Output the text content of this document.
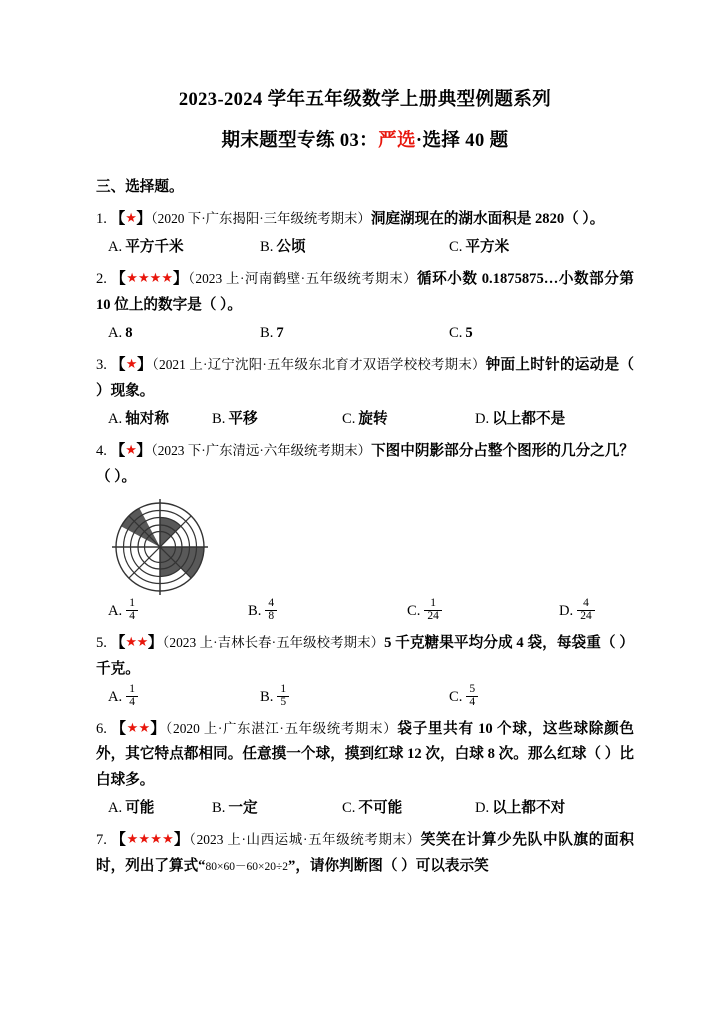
2023-2024 学年五年级数学上册典型例题系列
期末题型专练 03：严选·选择 40 题
三、选择题。
1. 【★】（2020 下·广东揭阳·三年级统考期末）洞庭湖现在的湖水面积是 2820（ ）。
A. 平方千米	B. 公顷	C. 平方米
2. 【★★★★】（2023 上·河南鹤壁·五年级统考期末）循环小数 0.1875875…小数部分第 10 位上的数字是（ ）。
A. 8	B. 7	C. 5
3. 【★】（2021 上·辽宁沈阳·五年级东北育才双语学校校考期末）钟面上时针的运动是（ ）现象。
A. 轴对称	B. 平移	C. 旋转	D. 以上都不是
4. 【★】（2023 下·广东清远·六年级统考期末）下图中阴影部分占整个图形的几分之几？（ ）。
A. $\frac{1}{4}$	B. $\frac{4}{8}$	C. $\frac{1}{24}$	D. $\frac{4}{24}$
5. 【★★】（2023 上·吉林长春·五年级校考期末）5 千克糖果平均分成 4 袋，每袋重（ ）千克。
A. $\frac{1}{4}$	B. $\frac{1}{5}$	C. $\frac{5}{4}$
6. 【★★】（2020 上·广东湛江·五年级统考期末）袋子里共有 10 个球，这些球除颜色外，其它特点都相同。任意摸一个球，摸到红球 12 次，白球 8 次。那么红球（ ）比白球多。
A. 可能	B. 一定	C. 不可能	D. 以上都不对
7. 【★★★★】（2023 上·山西运城·五年级统考期末）笑笑在计算少先队中队旗的面积时，列出了算式“80×60－60×20÷2”，请你判断图（ ）可以表示笑
